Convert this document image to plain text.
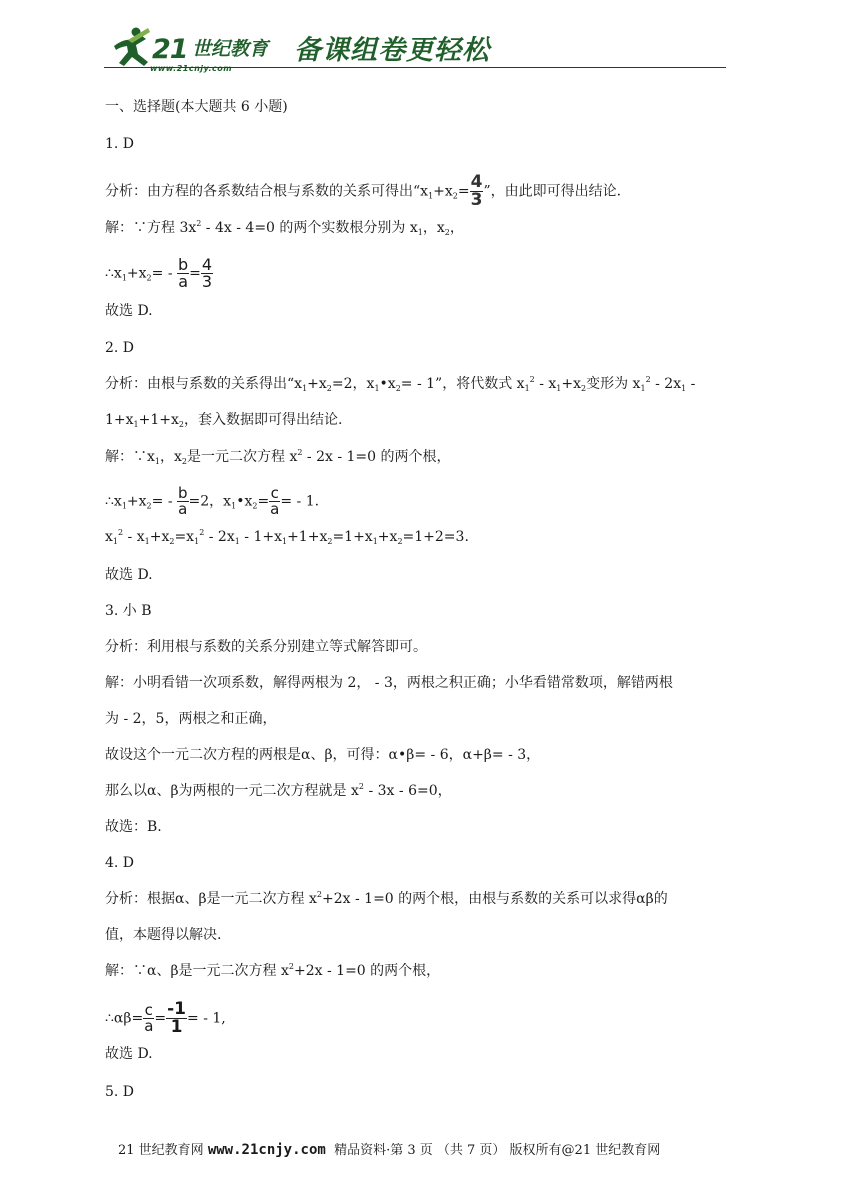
21 世纪教育
www.21cnjy.com
备课组卷更轻松
一、选择题(本大题共 6 小题)
1. D
分析：由方程的各系数结合根与系数的关系可得出“$x_1+x_2= \frac{4}{3}$ ”，由此即可得出结论.
解：∵方程 $3x^2 - 4x - 4=0$ 的两个实数根分别为 $x_1$，$x_2$，
$\therefore x_1+x_2= - \frac{b}{a} = \frac{4}{3}$
故选 D.
2. D
分析：由根与系数的关系得出“$x_1+x_2=2$，$x_1•x_2= - 1$”，将代数式 $x_1^2 - x_1+x_2$变形为 $x_1^2 - 2x_1$ -
$1+x_1+1+x_2$，套入数据即可得出结论.
解：$\because x_1$，$x_2$是一元二次方程 $x^2 - 2x - 1=0$ 的两个根，
$\therefore x_1+x_2= - \frac{b}{a} =2$，$x_1•x_2= \frac{c}{a}$ = - 1.
$x_1^2 - x_1+x_2=x_1^2 - 2x_1 - 1+x_1+1+x_2=1+x_1+x_2=1+2=3$.
故选 D.
3. 小 B
分析：利用根与系数的关系分别建立等式解答即可。
解：小明看错一次项系数，解得两根为 2， - 3，两根之积正确；小华看错常数项，解错两根
为 - 2，5，两根之和正确，
故设这个一元二次方程的两根是α、β，可得：α•β= - 6，α+β= - 3，
那么以α、β为两根的一元二次方程就是 $x^2 - 3x - 6=0$，
故选：B.
4. D
分析：根据α、β是一元二次方程 $x^2+2x - 1=0$ 的两个根，由根与系数的关系可以求得αβ的
值，本题得以解决.
解：∵α、β是一元二次方程 $x^2+2x - 1=0$ 的两个根，
∴αβ= $\frac{c}{a} = \frac{-1}{1}$ = - 1,
故选 D.
5. D
21 世纪教育网 www.21cnjy.com  精品资料·第 3 页 （共 7 页） 版权所有@21 世纪教育网
